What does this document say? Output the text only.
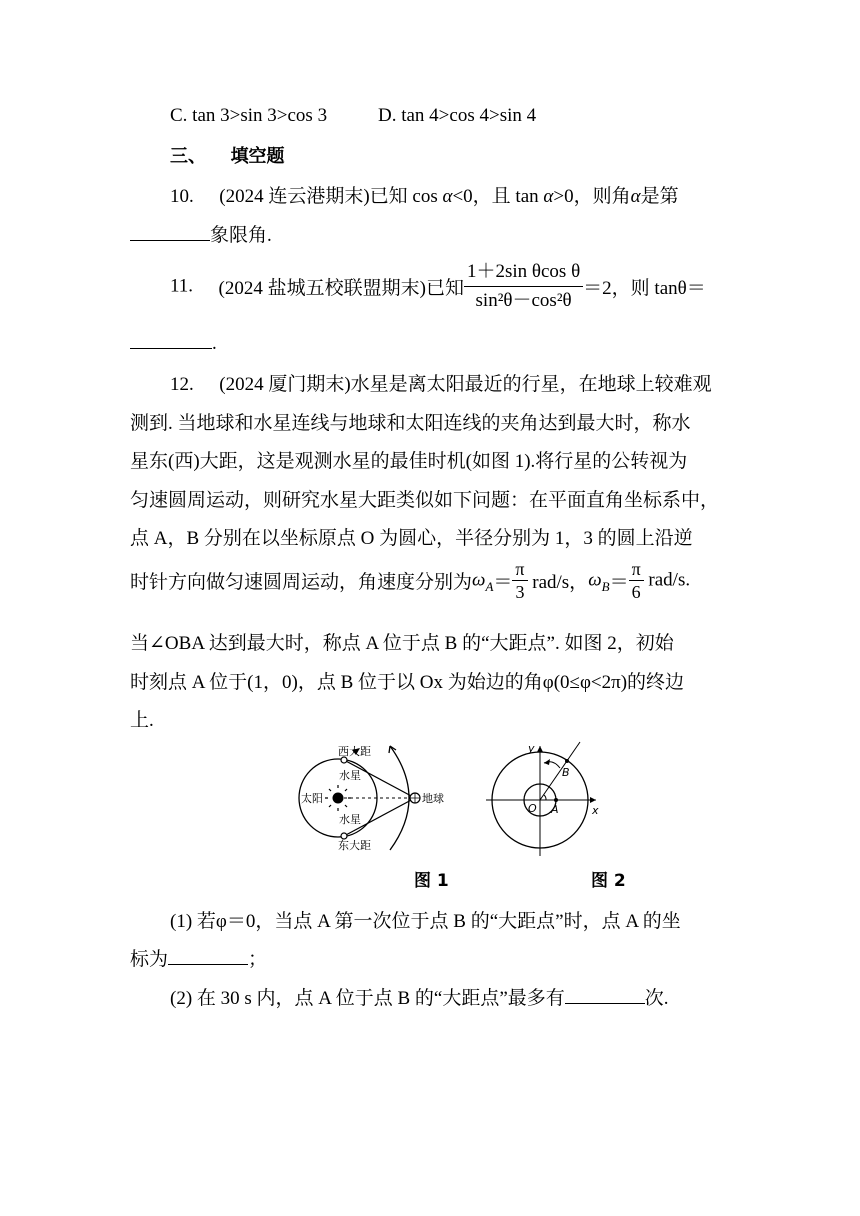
C. tan 3>sin 3>cos 3	D. tan 4>cos 4>sin 4
三、 填空题
10. (2024 连云港期末)已知 cos α<0，且 tan α>0，则角α是第
象限角.
11. (2024 盐城五校联盟期末)已知 $\frac{\text{1＋2sin θcos θ}}{\text{sin²θ－cos²θ}} =2$，则 tanθ＝
.
12. (2024 厦门期末)水星是离太阳最近的行星，在地球上较难观
测到. 当地球和水星连线与地球和太阳连线的夹角达到最大时，称水
星东(西)大距，这是观测水星的最佳时机(如图 1).将行星的公转视为
匀速圆周运动，则研究水星大距类似如下问题：在平面直角坐标系中，
点 A，B 分别在以坐标原点 O 为圆心，半径分别为 1，3 的圆上沿逆
时针方向做匀速圆周运动，角速度分别为$\omega_A= \frac{\pi}{3} rad/s$，$\omega_B= \frac{\pi}{6} rad/s$.
当∠OBA 达到最大时，称点 A 位于点 B 的“大距点”. 如图 2，初始
时刻点 A 位于(1，0)，点 B 位于以 Ox 为始边的角φ(0≤φ<2π)的终边
上.
西大距
水星
太阳	地球
水星
东大距
图 1
y
x
B
O A
图 2
(1) 若φ＝0，当点 A 第一次位于点 B 的“大距点”时，点 A 的坐
标为	；
(2) 在 30 s 内，点 A 位于点 B 的“大距点”最多有	次.
